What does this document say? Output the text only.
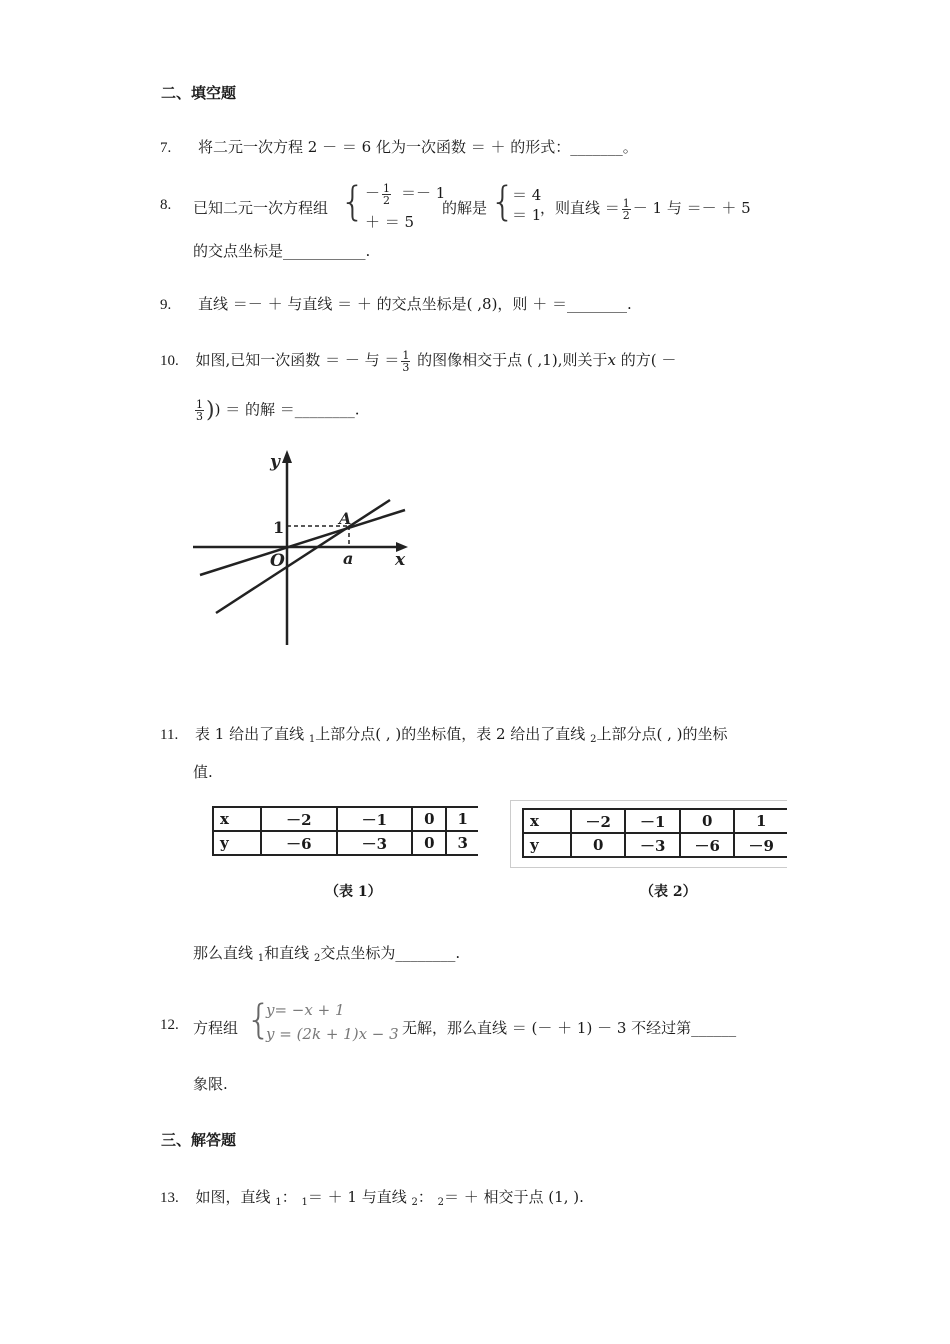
二、填空题
7. 将二元一次方程 2 － ＝ 6 化为一次函数 ＝ ＋ 的形式：_______。
8. 已知二元一次方程组 { － $\frac{1}{2} =- 1$
＋ ＝ 5
的解是 {
＝ 4
＝ 1
，则直线 ＝ $\frac{1}{2} - 1$ 与 ＝－ ＋ 5
的交点坐标是___________.
9. 直线 ＝－ ＋ 与直线 ＝ ＋ 的交点坐标是( ,8)，则 ＋ ＝________.
10. 如图,已知一次函数 ＝ － 与 ＝ $\frac{1}{3}$ 的图像相交于点 ( ,1),则关于x 的方( －
$\frac{1}{3}$ )) ＝ 的解 ＝________.
y
x
O
A
1
a
11. 表 1 给出了直线 $_1$上部分点( , )的坐标值，表 2 给出了直线 $_2$上部分点( , )的坐标
值.
x	－2	－1	0	1
y	－6	－3	0	3
（表 1）
x	－2	－1	0	1
y	0	－3	－6	－9
（表 2）
那么直线 $_1$和直线 $_2$交点坐标为________.
12. 方程组 {
y= −x + 1
y = (2k + 1)x − 3 无解，那么直线 ＝ (－ ＋ 1) － 3 不经过第______
象限.
三、解答题
13. 如图，直线 $_1$： $_1$＝ ＋ 1 与直线 $_2$： $_2$＝ ＋ 相交于点 (1, ).
